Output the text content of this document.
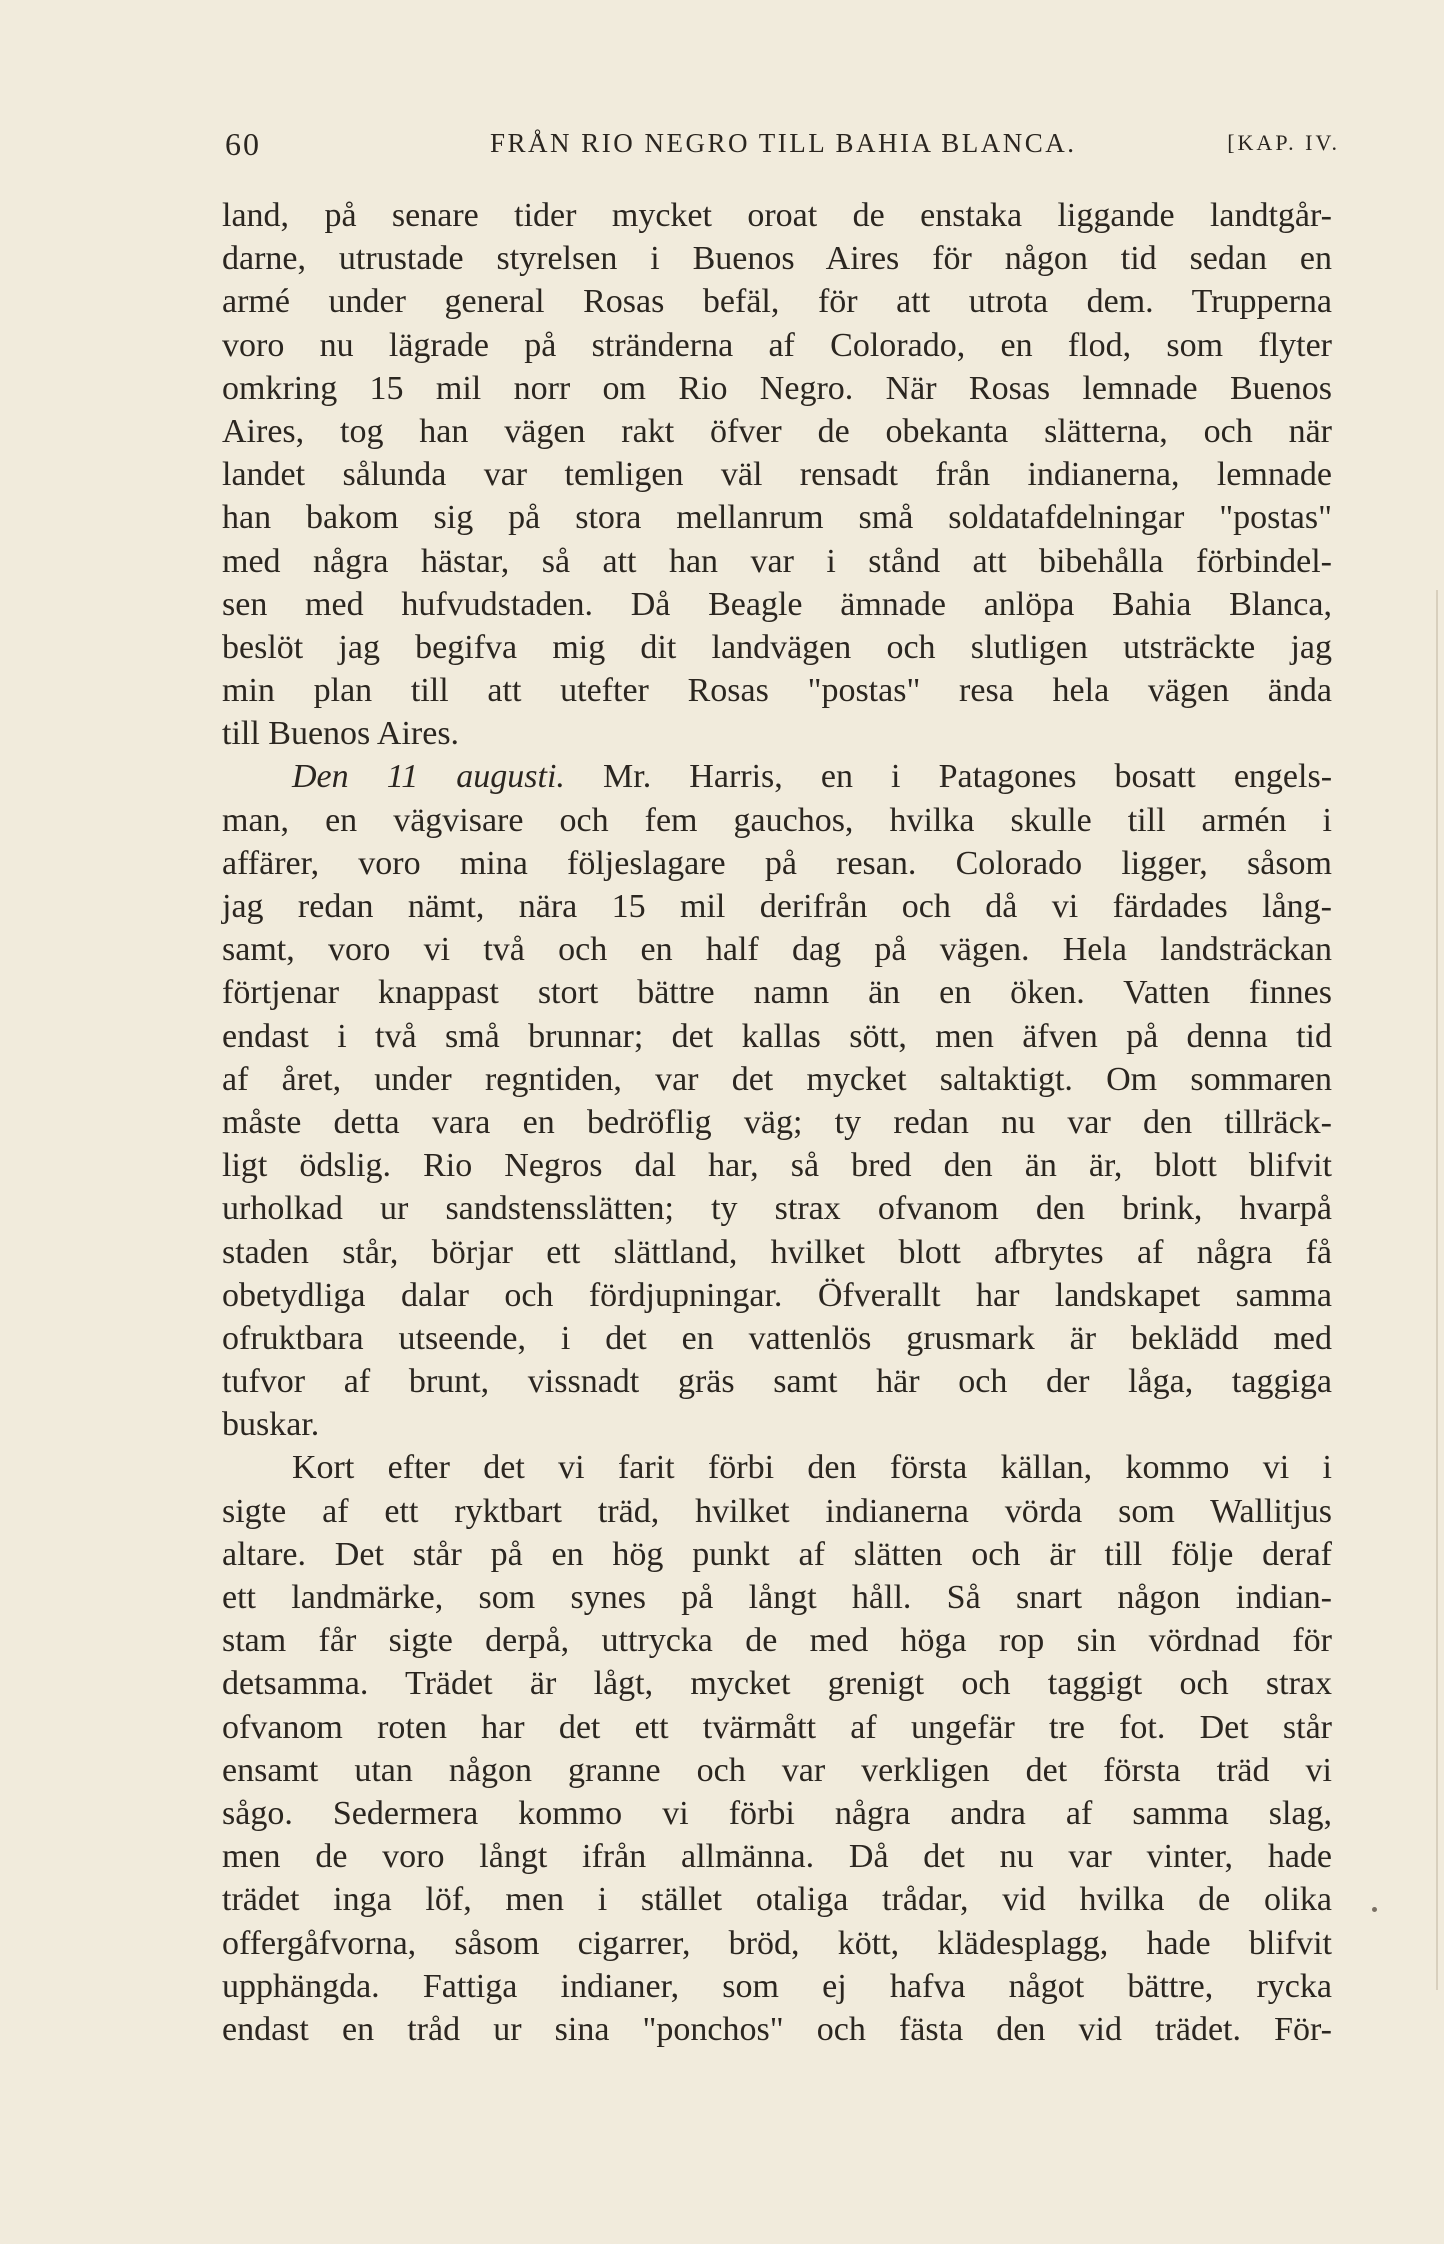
60	FRÅN RIO NEGRO TILL BAHIA BLANCA.	[KAP. IV.
land, på senare tider mycket oroat de enstaka liggande landtgår-
darne, utrustade styrelsen i Buenos Aires för någon tid sedan en
armé under general Rosas befäl, för att utrota dem. Trupperna
voro nu lägrade på stränderna af Colorado, en flod, som flyter
omkring 15 mil norr om Rio Negro. När Rosas lemnade Buenos
Aires, tog han vägen rakt öfver de obekanta slätterna, och när
landet sålunda var temligen väl rensadt från indianerna, lemnade
han bakom sig på stora mellanrum små soldatafdelningar "postas"
med några hästar, så att han var i stånd att bibehålla förbindel-
sen med hufvudstaden. Då Beagle ämnade anlöpa Bahia Blanca,
beslöt jag begifva mig dit landvägen och slutligen utsträckte jag
min plan till att utefter Rosas "postas" resa hela vägen ända
till Buenos Aires.
Den 11 augusti. Mr. Harris, en i Patagones bosatt engels-
man, en vägvisare och fem gauchos, hvilka skulle till armén i
affärer, voro mina följeslagare på resan. Colorado ligger, såsom
jag redan nämt, nära 15 mil derifrån och då vi färdades lång-
samt, voro vi två och en half dag på vägen. Hela landsträckan
förtjenar knappast stort bättre namn än en öken. Vatten finnes
endast i två små brunnar; det kallas sött, men äfven på denna tid
af året, under regntiden, var det mycket saltaktigt. Om sommaren
måste detta vara en bedröflig väg; ty redan nu var den tillräck-
ligt ödslig. Rio Negros dal har, så bred den än är, blott blifvit
urholkad ur sandstensslätten; ty strax ofvanom den brink, hvarpå
staden står, börjar ett slättland, hvilket blott afbrytes af några få
obetydliga dalar och fördjupningar. Öfverallt har landskapet samma
ofruktbara utseende, i det en vattenlös grusmark är beklädd med
tufvor af brunt, vissnadt gräs samt här och der låga, taggiga
buskar.
Kort efter det vi farit förbi den första källan, kommo vi i
sigte af ett ryktbart träd, hvilket indianerna vörda som Wallitjus
altare. Det står på en hög punkt af slätten och är till följe deraf
ett landmärke, som synes på långt håll. Så snart någon indian-
stam får sigte derpå, uttrycka de med höga rop sin vördnad för
detsamma. Trädet är lågt, mycket grenigt och taggigt och strax
ofvanom roten har det ett tvärmått af ungefär tre fot. Det står
ensamt utan någon granne och var verkligen det första träd vi
sågo. Sedermera kommo vi förbi några andra af samma slag,
men de voro långt ifrån allmänna. Då det nu var vinter, hade
trädet inga löf, men i stället otaliga trådar, vid hvilka de olika
offergåfvorna, såsom cigarrer, bröd, kött, klädesplagg, hade blifvit
upphängda. Fattiga indianer, som ej hafva något bättre, rycka
endast en tråd ur sina "ponchos" och fästa den vid trädet. För-
